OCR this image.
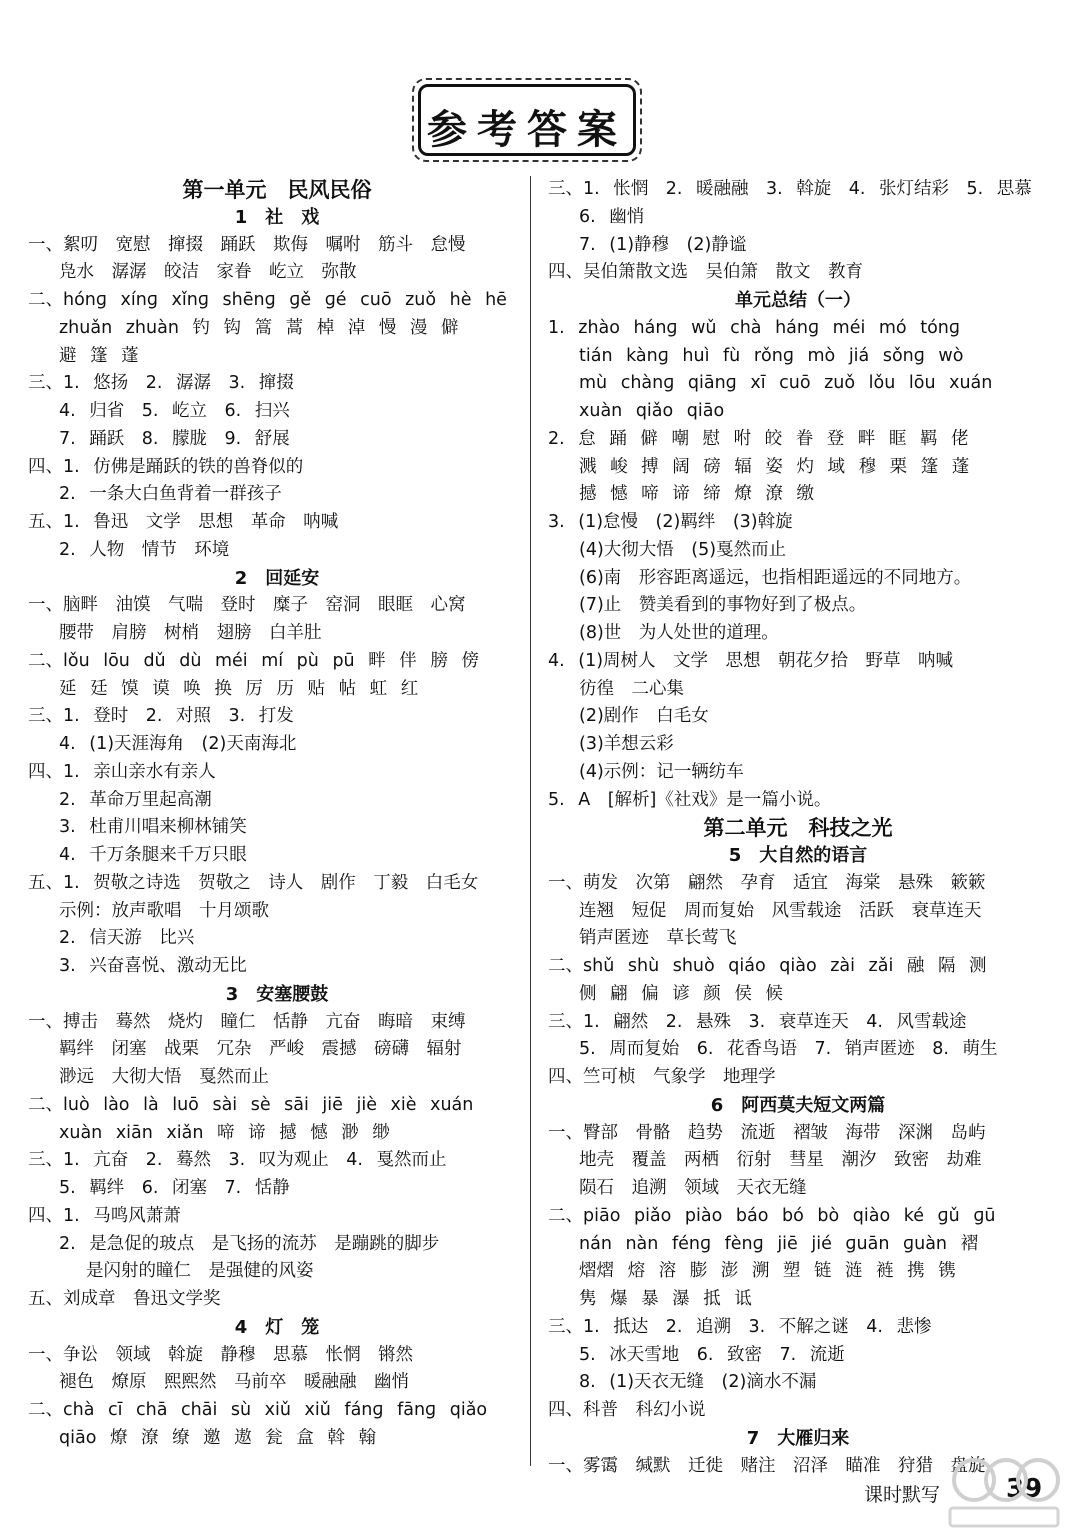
参考答案
第一单元　民风民俗
1　社　戏
一、絮叨　宽慰　撺掇　踊跃　欺侮　嘱咐　筋斗　怠慢
凫水　潺潺　皎洁　家眷　屹立　弥散
二、hónɡ xínɡ xǐnɡ shēnɡ ɡě ɡé cuō zuǒ hè hē
zhuǎn zhuàn 钓 钩 篙 蒿 棹 淖 慢 漫 僻
避 篷 蓬
三、1. 悠扬　2. 潺潺　3. 撺掇
4. 归省　5. 屹立　6. 扫兴
7. 踊跃　8. 朦胧　9. 舒展
四、1. 仿佛是踊跃的铁的兽脊似的
2. 一条大白鱼背着一群孩子
五、1. 鲁迅　文学　思想　革命　呐喊
2. 人物　情节　环境
2　回延安
一、脑畔　油馍　气喘　登时　糜子　窑洞　眼眶　心窝
腰带　肩膀　树梢　翅膀　白羊肚
二、lǒu lōu dǔ dù méi mí pù pū 畔 伴 膀 傍
延 廷 馍 谟 唤 换 厉 历 贴 帖 虹 红
三、1. 登时　2. 对照　3. 打发
4. (1)天涯海角　(2)天南海北
四、1. 亲山亲水有亲人
2. 革命万里起高潮
3. 杜甫川唱来柳林铺笑
4. 千万条腿来千万只眼
五、1. 贺敬之诗选　贺敬之　诗人　剧作　丁毅　白毛女
示例：放声歌唱　十月颂歌
2. 信天游　比兴
3. 兴奋喜悦、激动无比
3　安塞腰鼓
一、搏击　蓦然　烧灼　瞳仁　恬静　亢奋　晦暗　束缚
羁绊　闭塞　战栗　冗杂　严峻　震撼　磅礴　辐射
渺远　大彻大悟　戛然而止
二、luò lào là luō sài sè sāi jiē jiè xiè xuán
xuàn xiān xiǎn 啼 谛 撼 憾 渺 缈
三、1. 亢奋　2. 蓦然　3. 叹为观止　4. 戛然而止
5. 羁绊　6. 闭塞　7. 恬静
四、1. 马鸣风萧萧
2. 是急促的玻点　是飞扬的流苏　是蹦跳的脚步
是闪射的瞳仁　是强健的风姿
五、刘成章　鲁迅文学奖
4　灯　笼
一、争讼　领域　斡旋　静穆　思慕　怅惘　锵然
褪色　燎原　熙熙然　马前卒　暖融融　幽悄
二、chà cī chā chāi sù xiǔ xiǔ fánɡ fānɡ qiǎo
qiāo 燎 潦 缭 邀 遨 瓮 盒 斡 翰
三、1. 怅惘　2. 暖融融　3. 斡旋　4. 张灯结彩　5. 思慕
6. 幽悄
7. (1)静穆　(2)静谧
四、吴伯箫散文选　吴伯箫　散文　教育
单元总结（一）
1. zhào hánɡ wǔ chà hánɡ méi mó tónɡ
tián kànɡ huì fù rǒnɡ mò jiá sǒnɡ wò
mù chànɡ qiānɡ xī cuō zuǒ lǒu lōu xuán
xuàn qiǎo qiāo
2. 怠 踊 僻 嘲 慰 咐 皎 眷 登 畔 眶 羁 佬
溅 峻 搏 阔 磅 辐 姿 灼 域 穆 栗 篷 蓬
撼 憾 啼 谛 缔 燎 潦 缴
3. (1)怠慢　(2)羁绊　(3)斡旋
(4)大彻大悟　(5)戛然而止
(6)南　形容距离遥远，也指相距遥远的不同地方。
(7)止　赞美看到的事物好到了极点。
(8)世　为人处世的道理。
4. (1)周树人　文学　思想　朝花夕拾　野草　呐喊
彷徨　二心集
(2)剧作　白毛女
(3)羊想云彩
(4)示例：记一辆纺车
5. A　[解析]《社戏》是一篇小说。
第二单元　科技之光
5　大自然的语言
一、萌发　次第　翩然　孕育　适宜　海棠　悬殊　簌簌
连翘　短促　周而复始　风雪载途　活跃　衰草连天
销声匿迹　草长莺飞
二、shǔ shù shuò qiáo qiào zài zǎi 融 隔 测
侧 翩 偏 谚 颜 侯 候
三、1. 翩然　2. 悬殊　3. 衰草连天　4. 风雪载途
5. 周而复始　6. 花香鸟语　7. 销声匿迹　8. 萌生
四、竺可桢　气象学　地理学
6　阿西莫夫短文两篇
一、臀部　骨骼　趋势　流逝　褶皱　海带　深渊　岛屿
地壳　覆盖　两栖　衍射　彗星　潮汐　致密　劫难
陨石　追溯　领域　天衣无缝
二、piāo piǎo piào báo bó bò qiào ké ɡǔ ɡū
nán nàn fénɡ fènɡ jiē jié ɡuān ɡuàn 褶
熠熠 熔 溶 膨 澎 溯 塑 链 涟 裢 携 镌
隽 爆 暴 瀑 抵 诋
三、1. 抵达　2. 追溯　3. 不解之谜　4. 悲惨
5. 冰天雪地　6. 致密　7. 流逝
8. (1)天衣无缝　(2)滴水不漏
四、科普　科幻小说
7　大雁归来
一、雾霭　缄默　迁徙　赌注　沼泽　瞄准　狩猎　盘旋
课时默写	39
